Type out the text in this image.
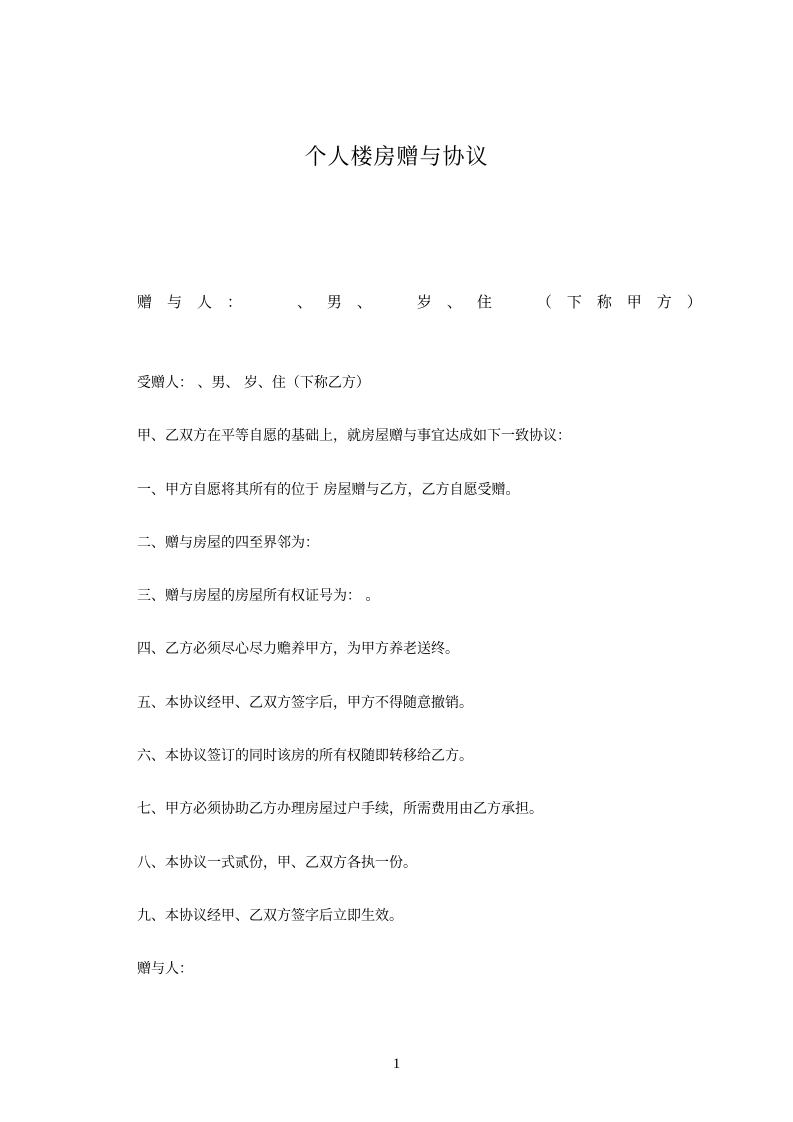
个人楼房赠与协议
赠 与 人 ：	、 男 、	岁 、 住	（ 下 称 甲 方 ）
受赠人： 、男、 岁、住（下称乙方）
甲、乙双方在平等自愿的基础上，就房屋赠与事宜达成如下一致协议：
一、甲方自愿将其所有的位于 房屋赠与乙方，乙方自愿受赠。
二、赠与房屋的四至界邻为：
三、赠与房屋的房屋所有权证号为： 。
四、乙方必须尽心尽力赡养甲方，为甲方养老送终。
五、本协议经甲、乙双方签字后，甲方不得随意撤销。
六、本协议签订的同时该房的所有权随即转移给乙方。
七、甲方必须协助乙方办理房屋过户手续，所需费用由乙方承担。
八、本协议一式贰份，甲、乙双方各执一份。
九、本协议经甲、乙双方签字后立即生效。
赠与人：
1
